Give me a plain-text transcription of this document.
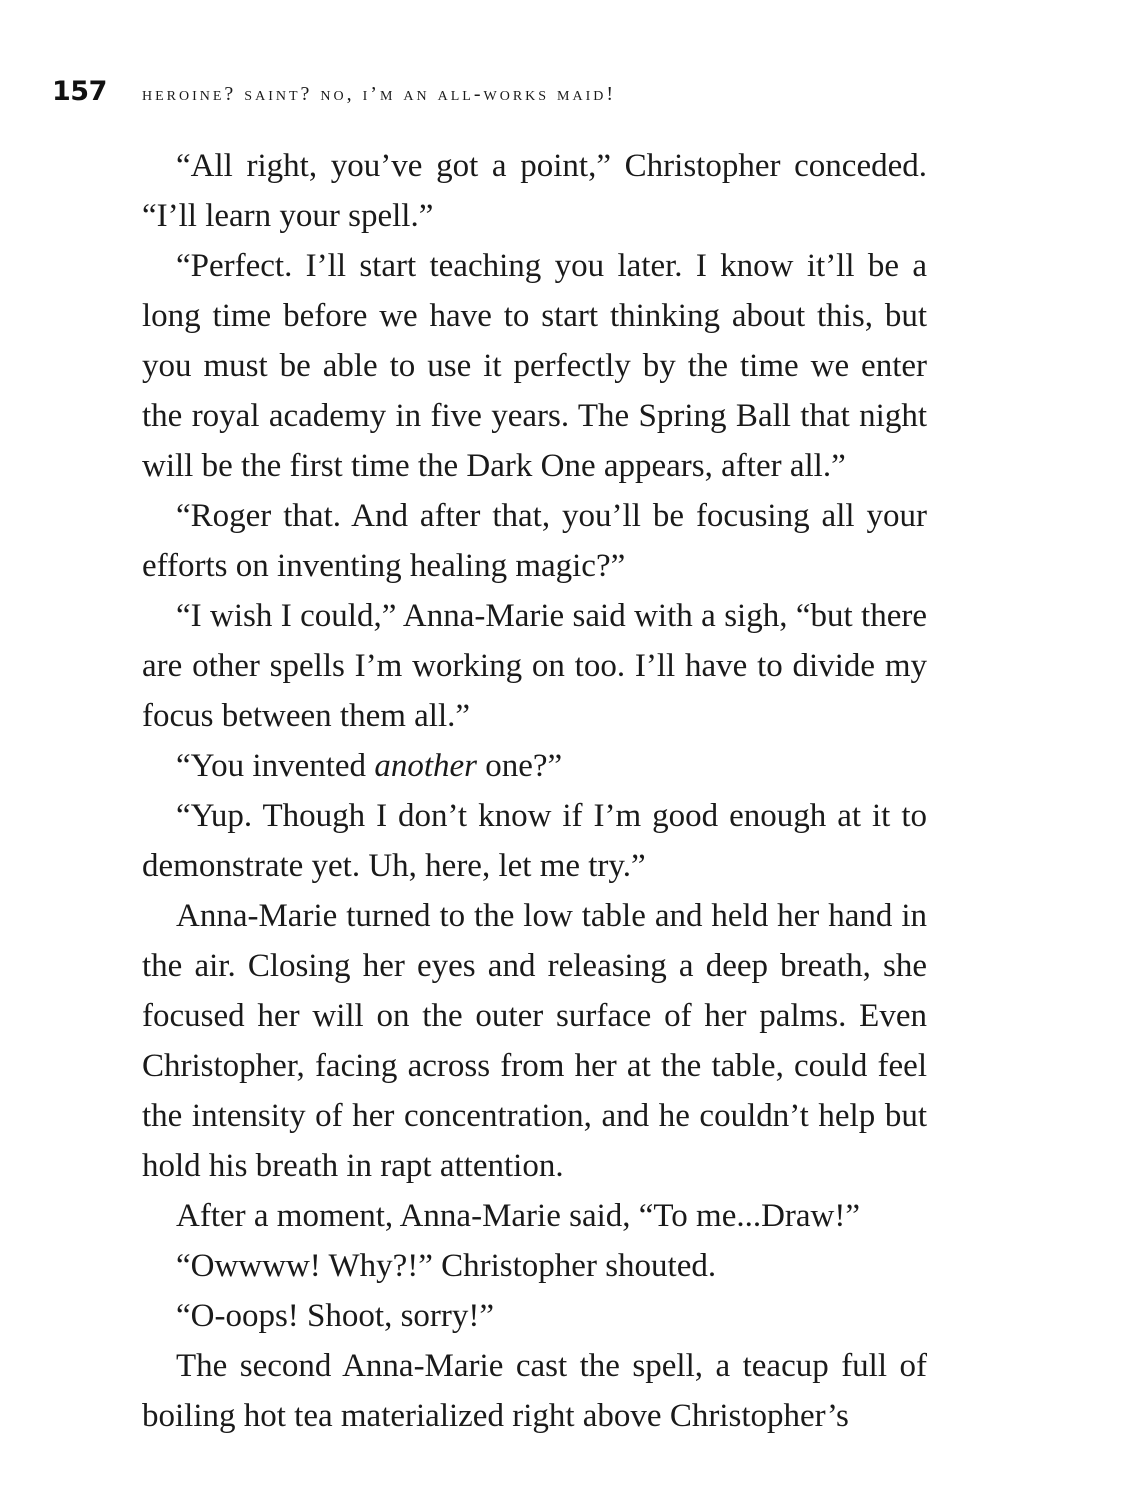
157	heroine? saint? no, i’m an all-works maid!

“All right, you’ve got a point,” Christopher conceded. “I’ll learn your spell.”

“Perfect. I’ll start teaching you later. I know it’ll be a long time before we have to start thinking about this, but you must be able to use it perfectly by the time we enter the royal academy in five years. The Spring Ball that night will be the first time the Dark One appears, after all.”

“Roger that. And after that, you’ll be focusing all your efforts on inventing healing magic?”

“I wish I could,” Anna-Marie said with a sigh, “but there are other spells I’m working on too. I’ll have to divide my focus between them all.”

“You invented another one?”

“Yup. Though I don’t know if I’m good enough at it to demonstrate yet. Uh, here, let me try.”

Anna-Marie turned to the low table and held her hand in the air. Closing her eyes and releasing a deep breath, she focused her will on the outer surface of her palms. Even Christopher, facing across from her at the table, could feel the intensity of her concentration, and he couldn’t help but hold his breath in rapt attention.

After a moment, Anna-Marie said, “To me...Draw!”

“Owwww! Why?!” Christopher shouted.

“O-oops! Shoot, sorry!”

The second Anna-Marie cast the spell, a teacup full of boiling hot tea materialized right above Christopher’s
